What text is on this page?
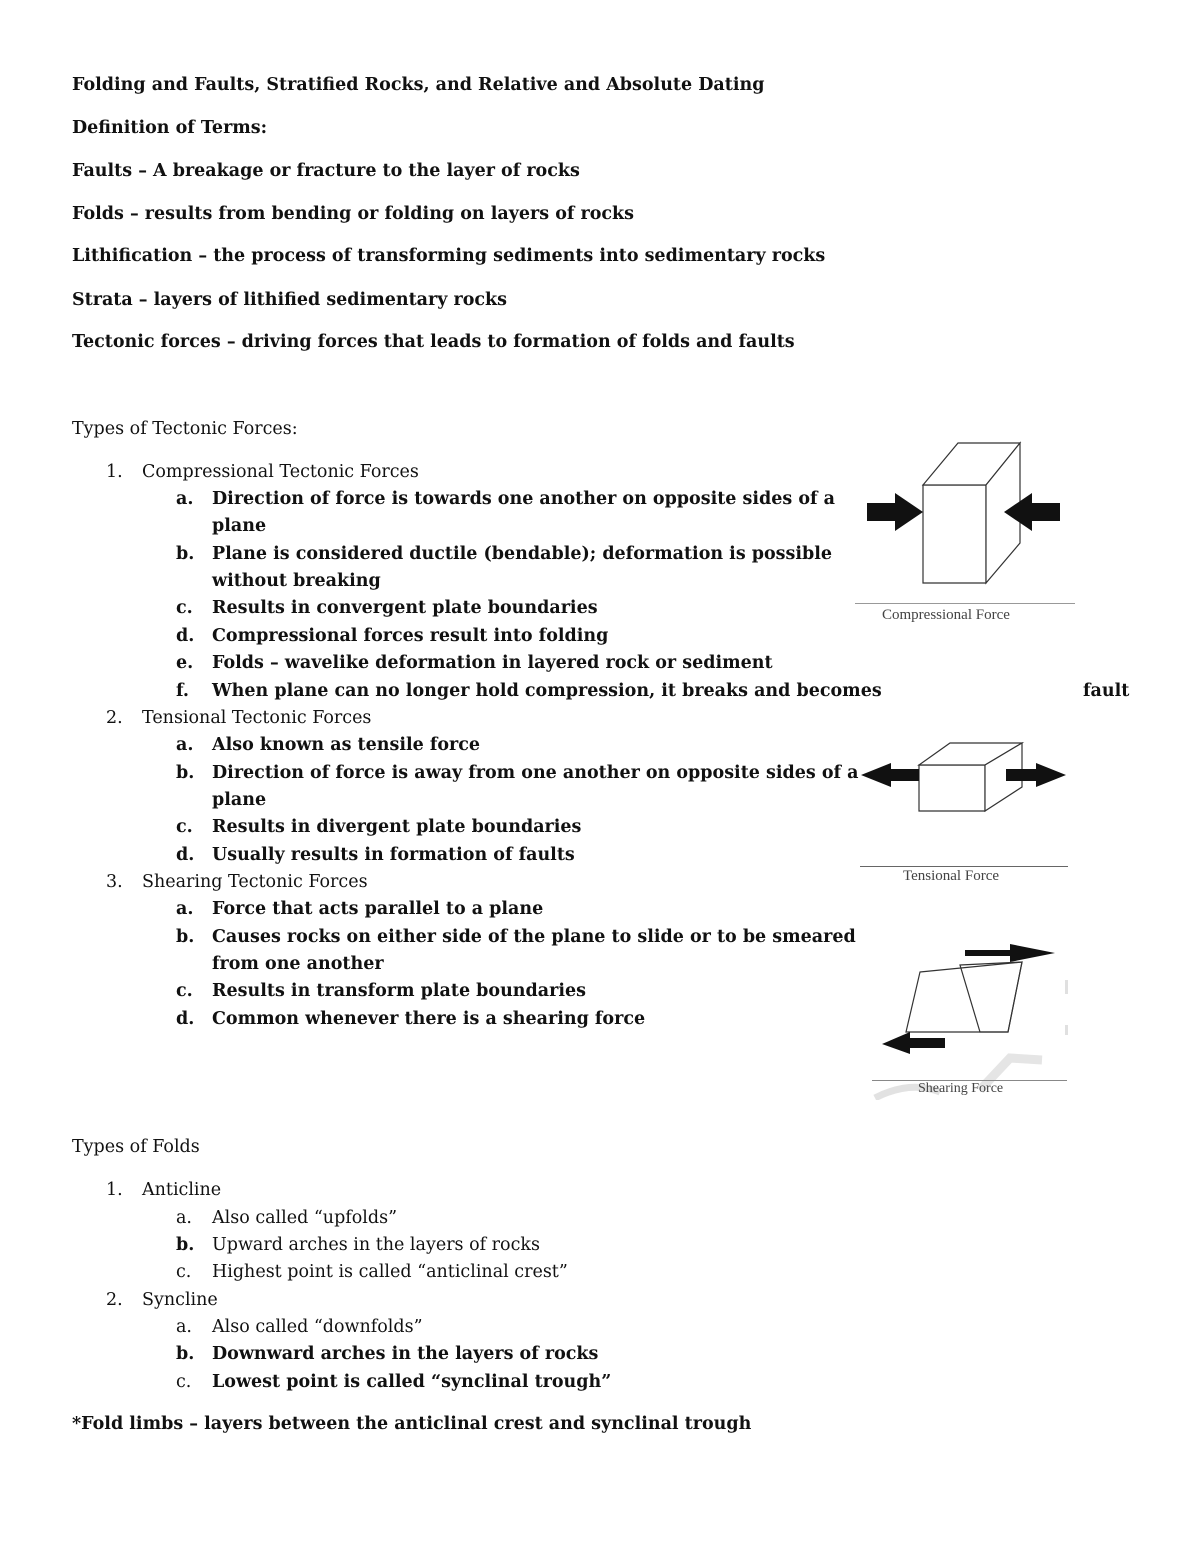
Folding and Faults, Stratified Rocks, and Relative and Absolute Dating
Definition of Terms:
Faults – A breakage or fracture to the layer of rocks
Folds – results from bending or folding on layers of rocks
Lithification – the process of transforming sediments into sedimentary rocks
Strata – layers of lithified sedimentary rocks
Tectonic forces – driving forces that leads to formation of folds and faults
Types of Tectonic Forces:
1. Compressional Tectonic Forces
a. Direction of force is towards one another on opposite sides of a
plane
b. Plane is considered ductile (bendable); deformation is possible
without breaking
c. Results in convergent plate boundaries
d. Compressional forces result into folding
e. Folds – wavelike deformation in layered rock or sediment
f. When plane can no longer hold compression, it breaks and becomes	fault
2. Tensional Tectonic Forces
a. Also known as tensile force
b. Direction of force is away from one another on opposite sides of a
plane
c. Results in divergent plate boundaries
d. Usually results in formation of faults
3. Shearing Tectonic Forces
a. Force that acts parallel to a plane
b. Causes rocks on either side of the plane to slide or to be smeared
from one another
c. Results in transform plate boundaries
d. Common whenever there is a shearing force
Compressional Force
Tensional Force
Shearing Force
Types of Folds
1. Anticline
a. Also called “upfolds”
b. Upward arches in the layers of rocks
c. Highest point is called “anticlinal crest”
2. Syncline
a. Also called “downfolds”
b. Downward arches in the layers of rocks
c. Lowest point is called “synclinal trough”
*Fold limbs – layers between the anticlinal crest and synclinal trough
